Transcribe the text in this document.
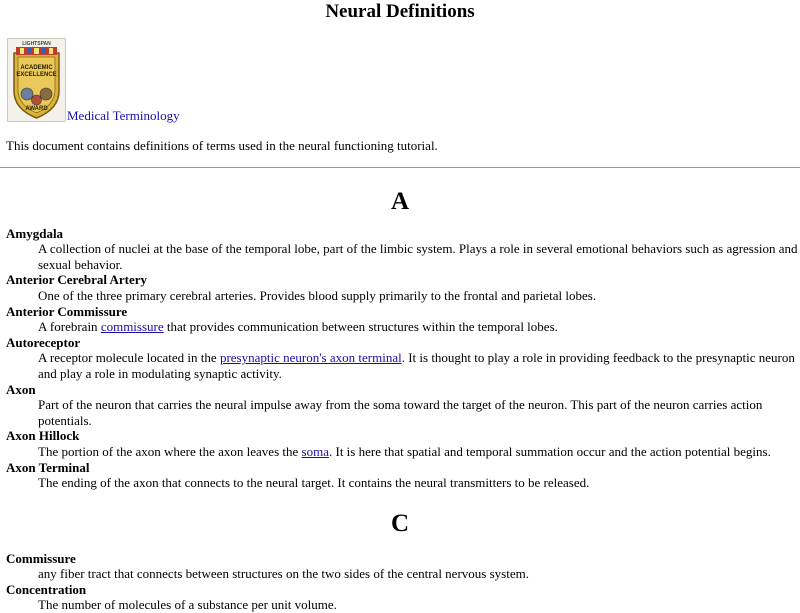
Neural Definitions
LIGHTSPAN
ACADEMIC
EXCELLENCE
AWARD	Medical Terminology

This document contains definitions of terms used in the neural functioning tutorial.

A
Amygdala
A collection of nuclei at the base of the temporal lobe, part of the limbic system. Plays a role in several emotional behaviors such as agression and sexual behavior.
Anterior Cerebral Artery
One of the three primary cerebral arteries. Provides blood supply primarily to the frontal and parietal lobes.
Anterior Commissure
A forebrain commissure that provides communication between structures within the temporal lobes.
Autoreceptor
A receptor molecule located in the presynaptic neuron's axon terminal. It is thought to play a role in providing feedback to the presynaptic neuron and play a role in modulating synaptic activity.
Axon
Part of the neuron that carries the neural impulse away from the soma toward the target of the neuron. This part of the neuron carries action potentials.
Axon Hillock
The portion of the axon where the axon leaves the soma. It is here that spatial and temporal summation occur and the action potential begins.
Axon Terminal
The ending of the axon that connects to the neural target. It contains the neural transmitters to be released.
C
Commissure
any fiber tract that connects between structures on the two sides of the central nervous system.
Concentration
The number of molecules of a substance per unit volume.
